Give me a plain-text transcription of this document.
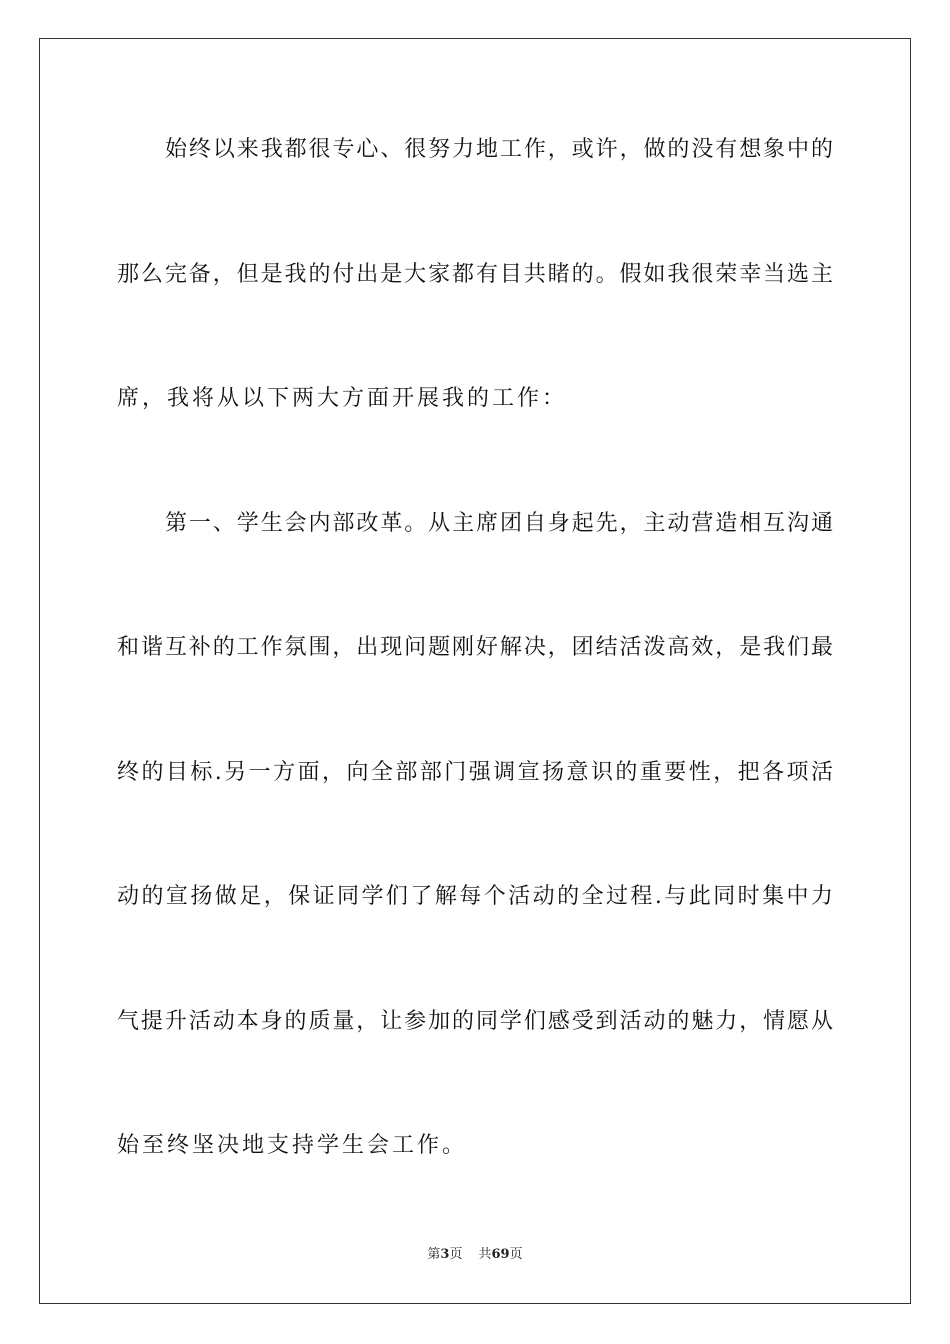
始终以来我都很专心、很努力地工作，或许，做的没有想象中的
那么完备，但是我的付出是大家都有目共睹的。假如我很荣幸当选主
席，我将从以下两大方面开展我的工作：
第一、学生会内部改革。从主席团自身起先，主动营造相互沟通
和谐互补的工作氛围，出现问题刚好解决，团结活泼高效，是我们最
终的目标.另一方面，向全部部门强调宣扬意识的重要性，把各项活
动的宣扬做足，保证同学们了解每个活动的全过程.与此同时集中力
气提升活动本身的质量，让参加的同学们感受到活动的魅力，情愿从
始至终坚决地支持学生会工作。
第3页 共69页
